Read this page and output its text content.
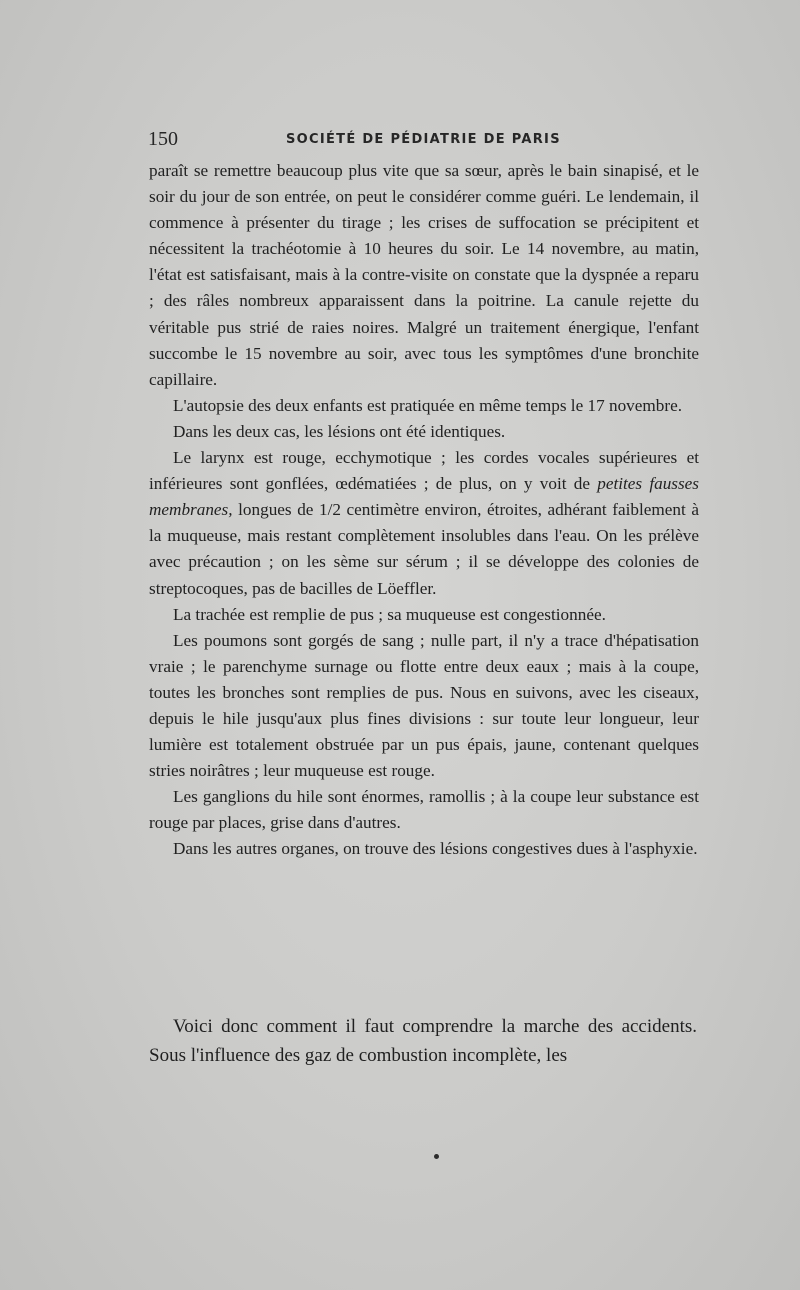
150	SOCIÉTÉ DE PÉDIATRIE DE PARIS

paraît se remettre beaucoup plus vite que sa sœur, après le bain sinapisé, et le soir du jour de son entrée, on peut le considérer comme guéri. Le lendemain, il commence à présenter du tirage ; les crises de suffocation se précipitent et nécessitent la trachéotomie à 10 heures du soir. Le 14 novembre, au matin, l'état est satisfaisant, mais à la contre-visite on constate que la dyspnée a reparu ; des râles nombreux apparaissent dans la poitrine. La canule rejette du véritable pus strié de raies noires. Malgré un traitement énergique, l'enfant succombe le 15 novembre au soir, avec tous les symptômes d'une bronchite capillaire.

L'autopsie des deux enfants est pratiquée en même temps le 17 novembre.

Dans les deux cas, les lésions ont été identiques.

Le larynx est rouge, ecchymotique ; les cordes vocales supérieures et inférieures sont gonflées, œdématiées ; de plus, on y voit de petites fausses membranes, longues de 1/2 centimètre environ, étroites, adhérant faiblement à la muqueuse, mais restant complètement insolubles dans l'eau. On les prélève avec précaution ; on les sème sur sérum ; il se développe des colonies de streptocoques, pas de bacilles de Löeffler.

La trachée est remplie de pus ; sa muqueuse est congestionnée.

Les poumons sont gorgés de sang ; nulle part, il n'y a trace d'hépatisation vraie ; le parenchyme surnage ou flotte entre deux eaux ; mais à la coupe, toutes les bronches sont remplies de pus. Nous en suivons, avec les ciseaux, depuis le hile jusqu'aux plus fines divisions : sur toute leur longueur, leur lumière est totalement obstruée par un pus épais, jaune, contenant quelques stries noirâtres ; leur muqueuse est rouge.

Les ganglions du hile sont énormes, ramollis ; à la coupe leur substance est rouge par places, grise dans d'autres.

Dans les autres organes, on trouve des lésions congestives dues à l'asphyxie.

Voici donc comment il faut comprendre la marche des accidents. Sous l'influence des gaz de combustion incomplète, les
